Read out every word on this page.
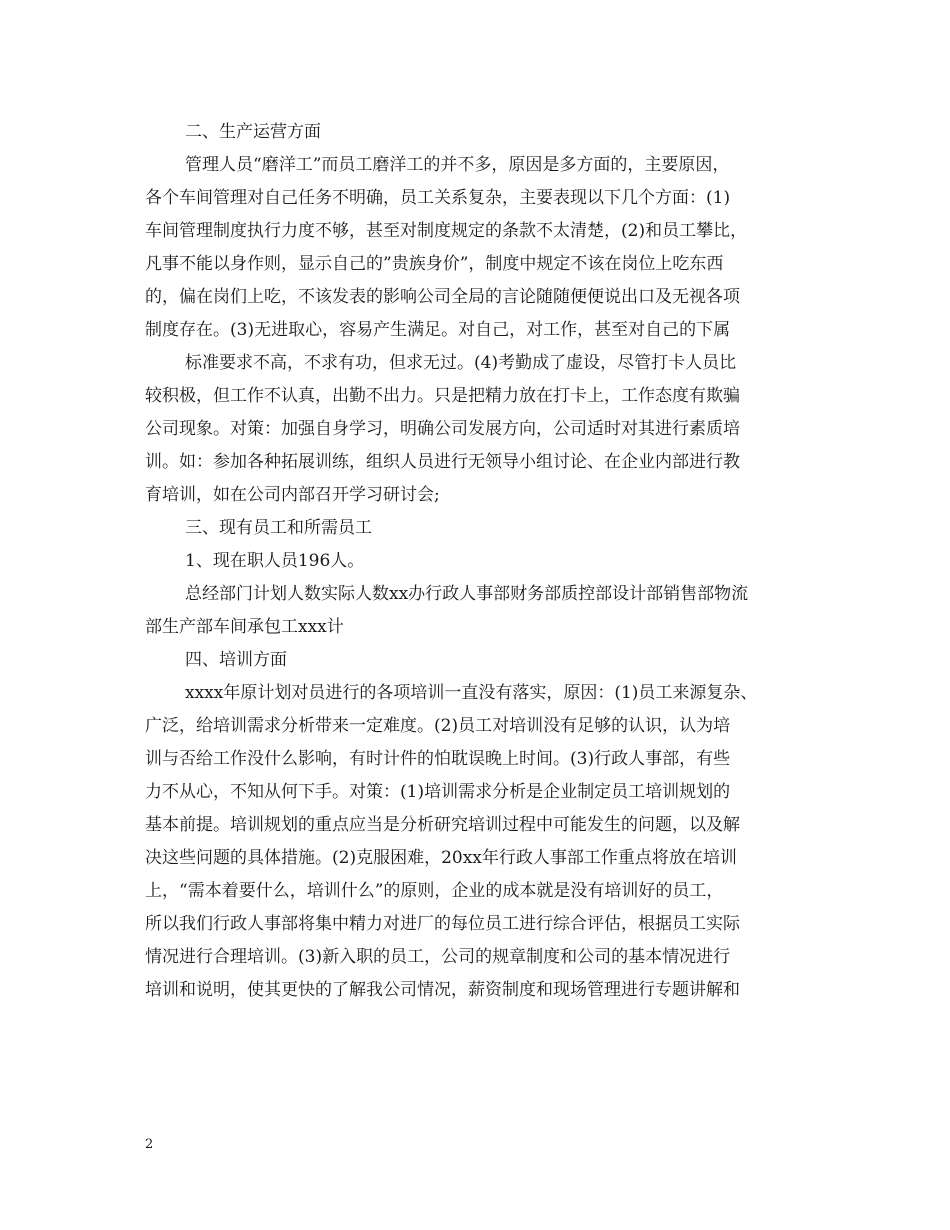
二、生产运营方面
管理人员“磨洋工”而员工磨洋工的并不多，原因是多方面的，主要原因，
各个车间管理对自己任务不明确，员工关系复杂，主要表现以下几个方面：(1)
车间管理制度执行力度不够，甚至对制度规定的条款不太清楚，(2)和员工攀比，
凡事不能以身作则，显示自己的”贵族身价”，制度中规定不该在岗位上吃东西
的，偏在岗们上吃，不该发表的影响公司全局的言论随随便便说出口及无视各项
制度存在。(3)无进取心，容易产生满足。对自己，对工作，甚至对自己的下属
标准要求不高，不求有功，但求无过。(4)考勤成了虚设，尽管打卡人员比
较积极，但工作不认真，出勤不出力。只是把精力放在打卡上，工作态度有欺骗
公司现象。对策：加强自身学习，明确公司发展方向，公司适时对其进行素质培
训。如：参加各种拓展训练，组织人员进行无领导小组讨论、在企业内部进行教
育培训，如在公司内部召开学习研讨会;
三、现有员工和所需员工
1、现在职人员196人。
总经部门计划人数实际人数xx办行政人事部财务部质控部设计部销售部物流
部生产部车间承包工xxx计
四、培训方面
xxxx年原计划对员进行的各项培训一直没有落实，原因：(1)员工来源复杂、
广泛，给培训需求分析带来一定难度。(2)员工对培训没有足够的认识，认为培
训与否给工作没什么影响，有时计件的怕耽误晚上时间。(3)行政人事部，有些
力不从心，不知从何下手。对策：(1)培训需求分析是企业制定员工培训规划的
基本前提。培训规划的重点应当是分析研究培训过程中可能发生的问题，以及解
决这些问题的具体措施。(2)克服困难，20xx年行政人事部工作重点将放在培训
上，“需本着要什么，培训什么”的原则，企业的成本就是没有培训好的员工，
所以我们行政人事部将集中精力对进厂的每位员工进行综合评估，根据员工实际
情况进行合理培训。(3)新入职的员工，公司的规章制度和公司的基本情况进行
培训和说明，使其更快的了解我公司情况，薪资制度和现场管理进行专题讲解和
2
